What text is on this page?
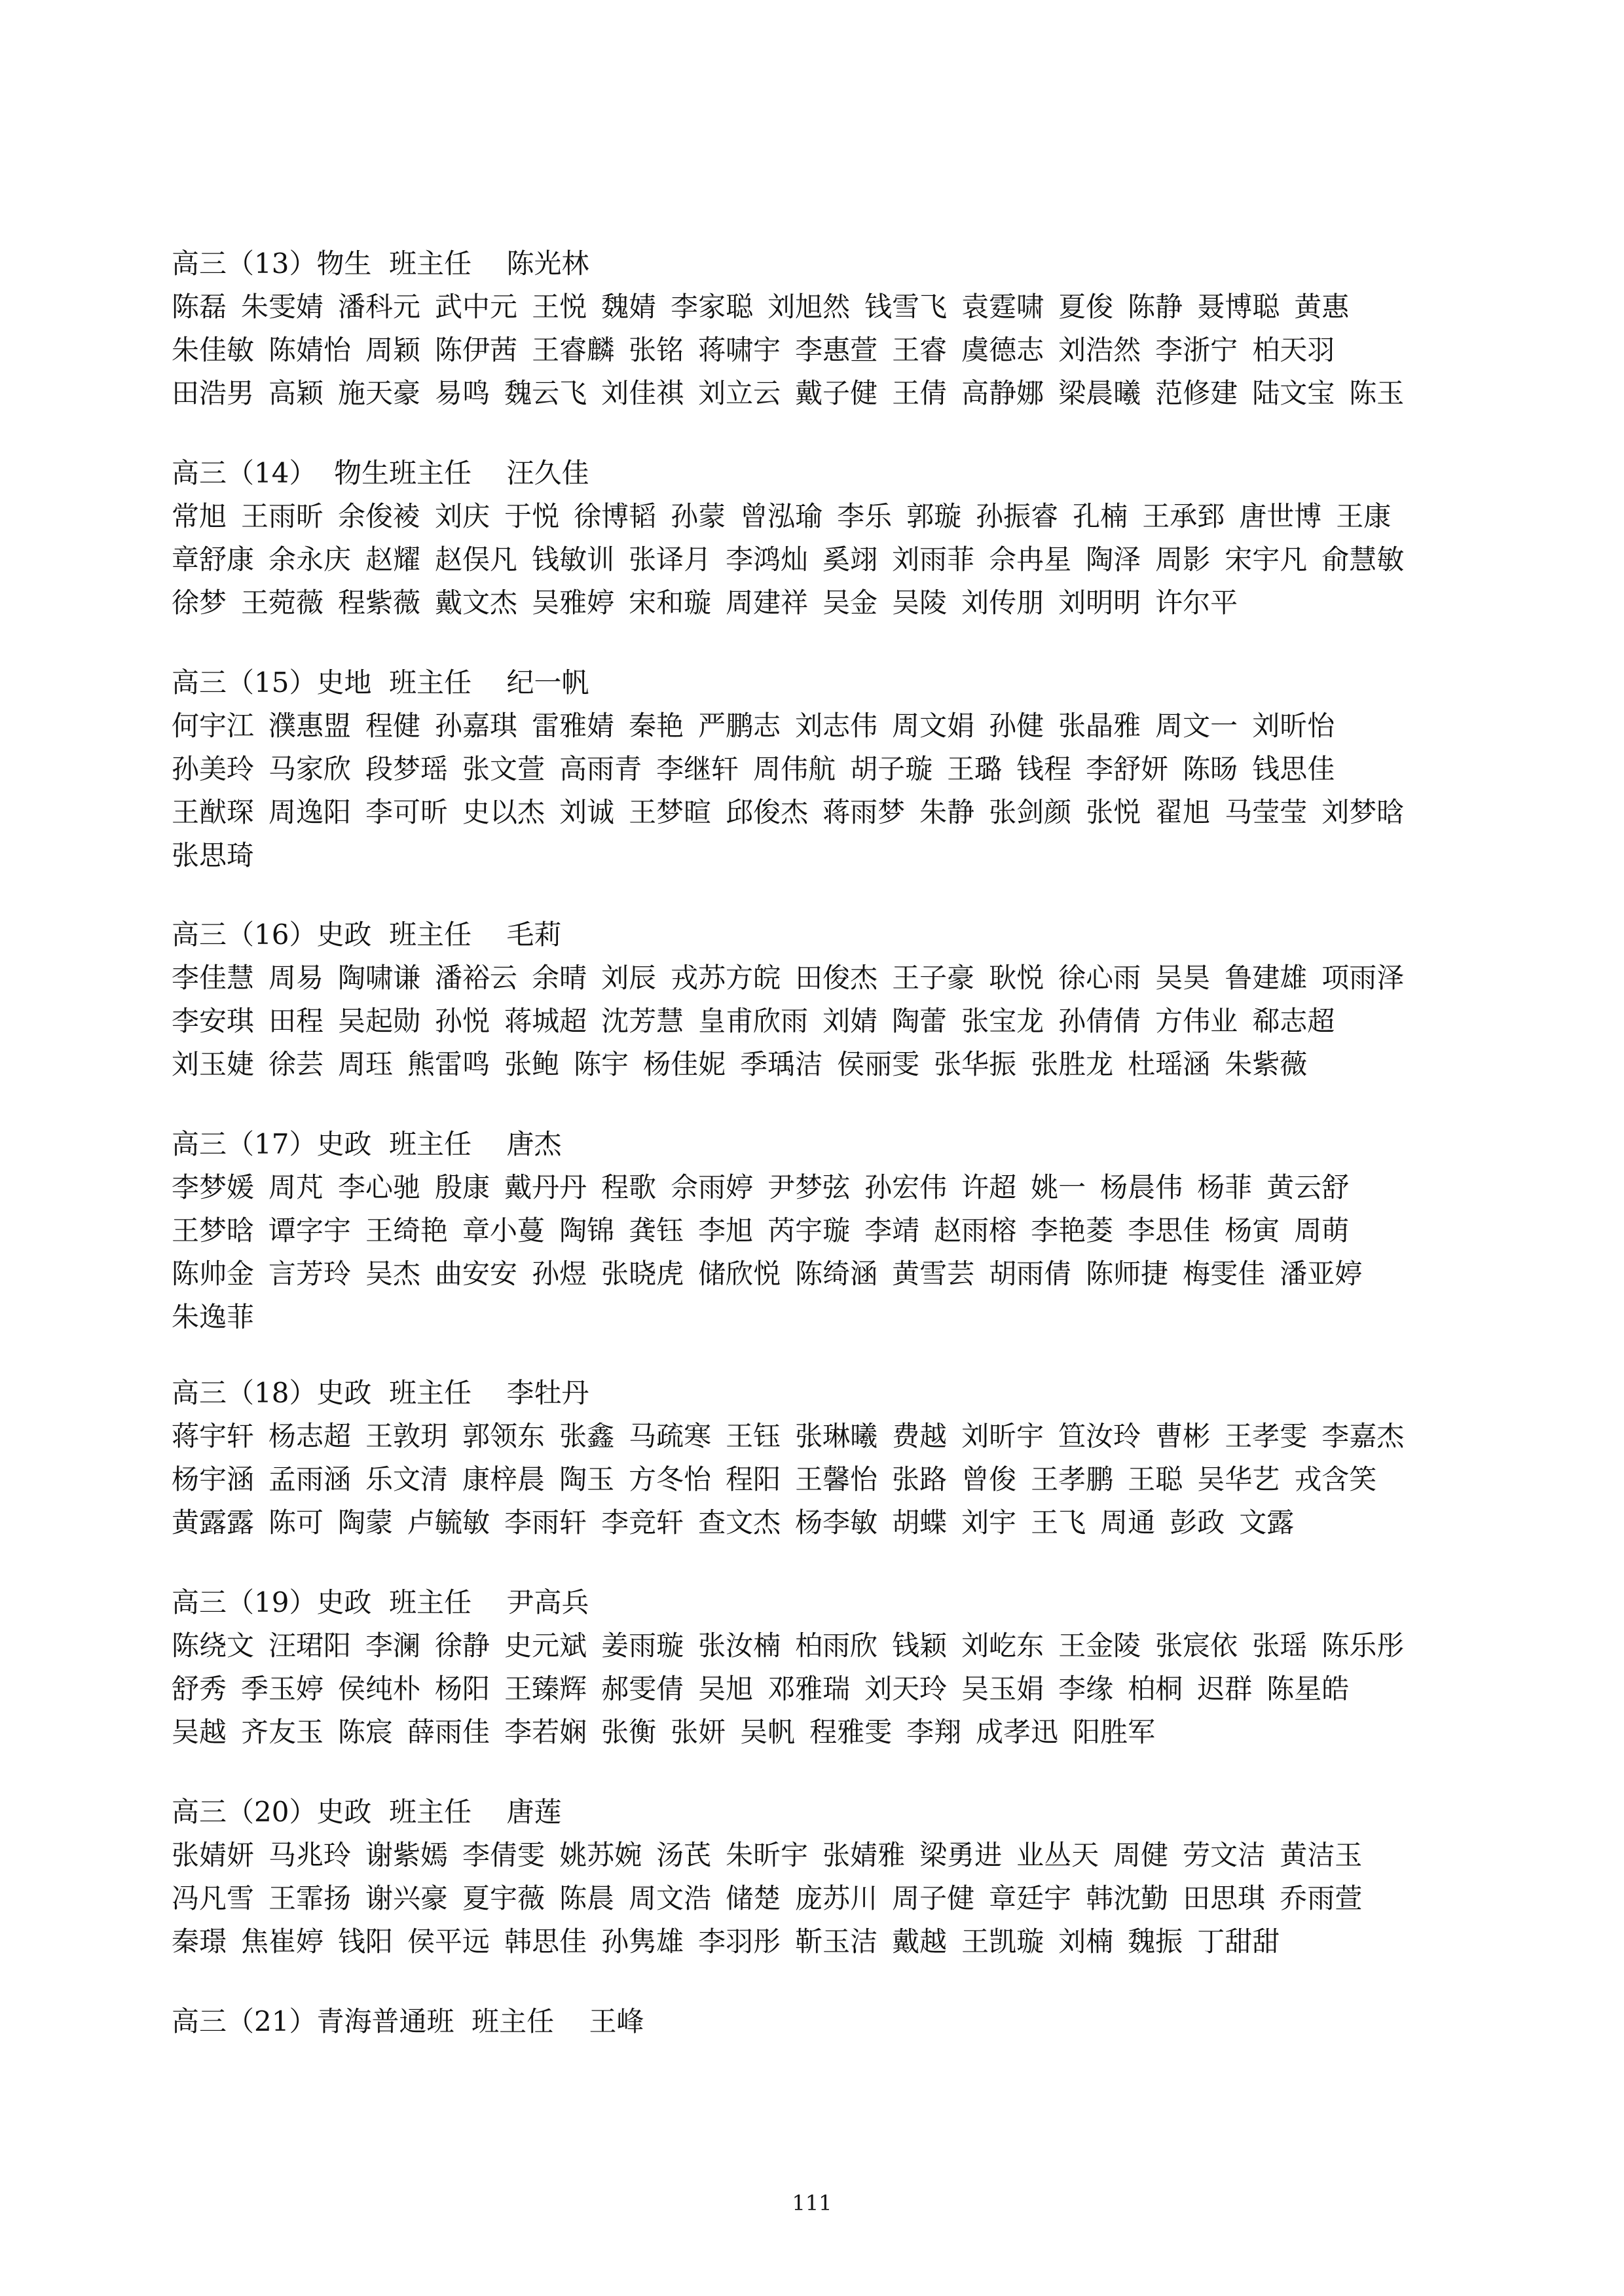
高三（13）物生  班主任    陈光林
陈磊 朱雯婧 潘科元 武中元 王悦 魏婧 李家聪 刘旭然 钱雪飞 袁霆啸 夏俊 陈静 聂博聪 黄惠
朱佳敏 陈婧怡 周颖 陈伊茜 王睿麟 张铭 蒋啸宇 李惠萱 王睿 虞德志 刘浩然 李浙宁 柏天羽
田浩男 高颖 施天豪 易鸣 魏云飞 刘佳祺 刘立云 戴子健 王倩 高静娜 梁晨曦 范修建 陆文宝 陈玉
高三（14）  物生班主任    汪久佳
常旭 王雨昕 余俊裬 刘庆 于悦 徐博韬 孙蒙 曾泓瑜 李乐 郭璇 孙振睿 孔楠 王承郅 唐世博 王康
章舒康 余永庆 赵耀 赵俣凡 钱敏训 张译月 李鸿灿 奚翊 刘雨菲 佘冉星 陶泽 周影 宋宇凡 俞慧敏
徐梦 王菀薇 程紫薇 戴文杰 吴雅婷 宋和璇 周建祥 吴金 吴陵 刘传朋 刘明明 许尔平
高三（15）史地  班主任    纪一帆
何宇江 濮惠盟 程健 孙嘉琪 雷雅婧 秦艳 严鹏志 刘志伟 周文娟 孙健 张晶雅 周文一 刘昕怡
孙美玲 马家欣 段梦瑶 张文萱 高雨青 李继轩 周伟航 胡子璇 王璐 钱程 李舒妍 陈旸 钱思佳
王猷琛 周逸阳 李可昕 史以杰 刘诚 王梦暄 邱俊杰 蒋雨梦 朱静 张剑颜 张悦 翟旭 马莹莹 刘梦晗
张思琦
高三（16）史政  班主任    毛莉
李佳慧 周易 陶啸谦 潘裕云 余晴 刘辰 戎苏方皖 田俊杰 王子豪 耿悦 徐心雨 吴昊 鲁建雄 项雨泽
李安琪 田程 吴起勋 孙悦 蒋城超 沈芳慧 皇甫欣雨 刘婧 陶蕾 张宝龙 孙倩倩 方伟业 郗志超
刘玉婕 徐芸 周珏 熊雷鸣 张鲍 陈宇 杨佳妮 季瑀洁 侯丽雯 张华振 张胜龙 杜瑶涵 朱紫薇
高三（17）史政  班主任    唐杰
李梦媛 周芃 李心驰 殷康 戴丹丹 程歌 佘雨婷 尹梦弦 孙宏伟 许超 姚一 杨晨伟 杨菲 黄云舒
王梦晗 谭字宇 王绮艳 章小蔓 陶锦 龚钰 李旭 芮宇璇 李靖 赵雨榕 李艳菱 李思佳 杨寅 周萌
陈帅金 言芳玲 吴杰 曲安安 孙煜 张晓虎 储欣悦 陈绮涵 黄雪芸 胡雨倩 陈师捷 梅雯佳 潘亚婷
朱逸菲
高三（18）史政  班主任    李牡丹
蒋宇轩 杨志超 王敦玥 郭领东 张鑫 马疏寒 王钰 张琳曦 费越 刘昕宇 笪汝玲 曹彬 王孝雯 李嘉杰
杨宇涵 孟雨涵 乐文清 康梓晨 陶玉 方冬怡 程阳 王馨怡 张路 曾俊 王孝鹏 王聪 吴华艺 戎含笑
黄露露 陈可 陶蒙 卢毓敏 李雨轩 李竞轩 查文杰 杨李敏 胡蝶 刘宇 王飞 周通 彭政 文露
高三（19）史政  班主任    尹高兵
陈绕文 汪珺阳 李澜 徐静 史元斌 姜雨璇 张汝楠 柏雨欣 钱颖 刘屹东 王金陵 张宸依 张瑶 陈乐彤
舒秀 季玉婷 侯纯朴 杨阳 王臻辉 郝雯倩 吴旭 邓雅瑞 刘天玲 吴玉娟 李缘 柏桐 迟群 陈星皓
吴越 齐友玉 陈宸 薛雨佳 李若娴 张衡 张妍 吴帆 程雅雯 李翔 成孝迅 阳胜军
高三（20）史政  班主任    唐莲
张婧妍 马兆玲 谢紫嫣 李倩雯 姚苏婉 汤芪 朱昕宇 张婧雅 梁勇进 业丛天 周健 劳文洁 黄洁玉
冯凡雪 王霏扬 谢兴豪 夏宇薇 陈晨 周文浩 储楚 庞苏川 周子健 章廷宇 韩沈勤 田思琪 乔雨萱
秦璟 焦崔婷 钱阳 侯平远 韩思佳 孙隽雄 李羽彤 靳玉洁 戴越 王凯璇 刘楠 魏振 丁甜甜
高三（21）青海普通班  班主任    王峰
111
